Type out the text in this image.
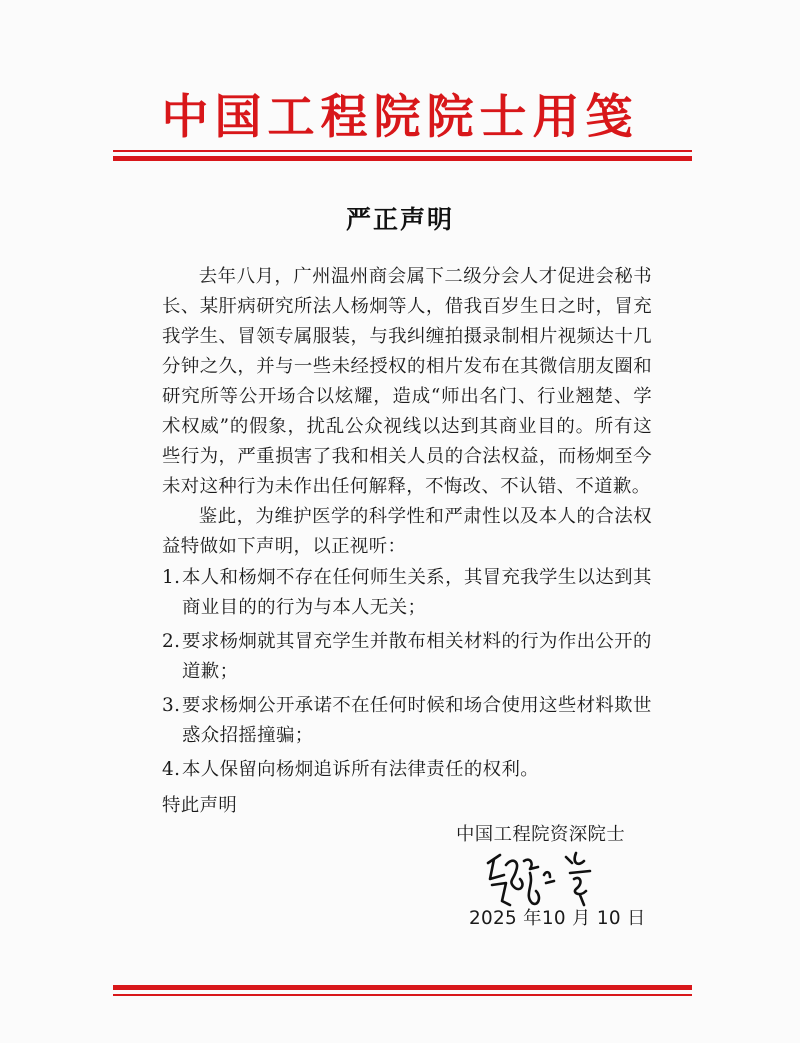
中国工程院院士用笺
严正声明

去年八月，广州温州商会属下二级分会人才促进会秘书长、某肝病研究所法人杨炯等人，借我百岁生日之时，冒充我学生、冒领专属服装，与我纠缠拍摄录制相片视频达十几分钟之久，并与一些未经授权的相片发布在其微信朋友圈和研究所等公开场合以炫耀，造成“师出名门、行业翘楚、学术权威”的假象，扰乱公众视线以达到其商业目的。所有这些行为，严重损害了我和相关人员的合法权益，而杨炯至今未对这种行为未作出任何解释，不悔改、不认错、不道歉。

鉴此，为维护医学的科学性和严肃性以及本人的合法权益特做如下声明，以正视听：

1. 本人和杨炯不存在任何师生关系，其冒充我学生以达到其商业目的的行为与本人无关；
2. 要求杨炯就其冒充学生并散布相关材料的行为作出公开的道歉；
3. 要求杨炯公开承诺不在任何时候和场合使用这些材料欺世惑众招摇撞骗；
4. 本人保留向杨炯追诉所有法律责任的权利。
特此声明
中国工程院资深院士
2025 年10 月 10 日
